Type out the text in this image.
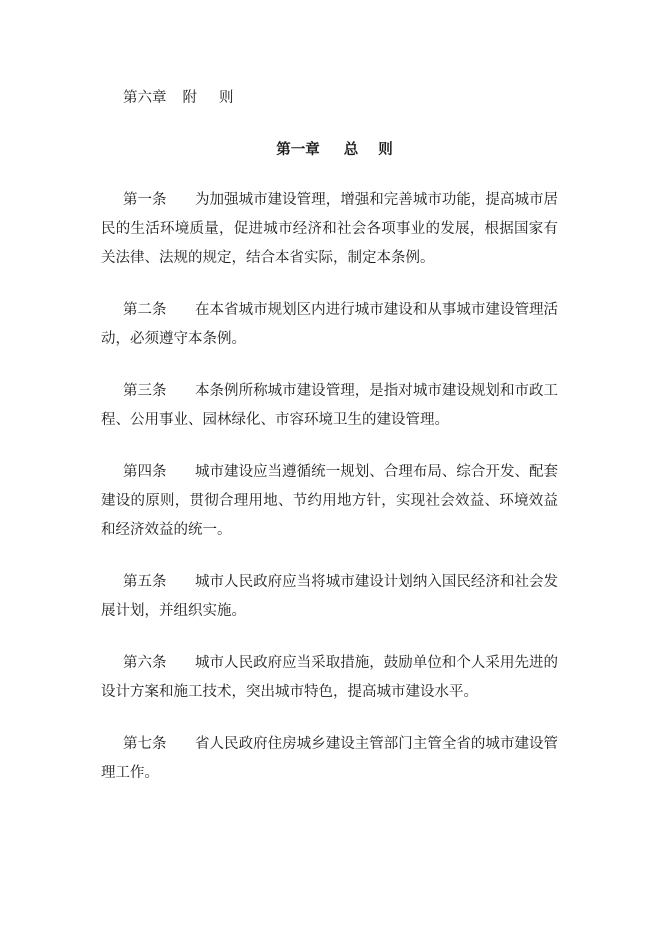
第六章 附 则

第一章 总 则

第一条 为加强城市建设管理，增强和完善城市功能，提高城市居民的生活环境质量，促进城市经济和社会各项事业的发展，根据国家有关法律、法规的规定，结合本省实际，制定本条例。

第二条 在本省城市规划区内进行城市建设和从事城市建设管理活动，必须遵守本条例。

第三条 本条例所称城市建设管理，是指对城市建设规划和市政工程、公用事业、园林绿化、市容环境卫生的建设管理。

第四条 城市建设应当遵循统一规划、合理布局、综合开发、配套建设的原则，贯彻合理用地、节约用地方针，实现社会效益、环境效益和经济效益的统一。

第五条 城市人民政府应当将城市建设计划纳入国民经济和社会发展计划，并组织实施。

第六条 城市人民政府应当采取措施，鼓励单位和个人采用先进的设计方案和施工技术，突出城市特色，提高城市建设水平。

第七条 省人民政府住房城乡建设主管部门主管全省的城市建设管理工作。
